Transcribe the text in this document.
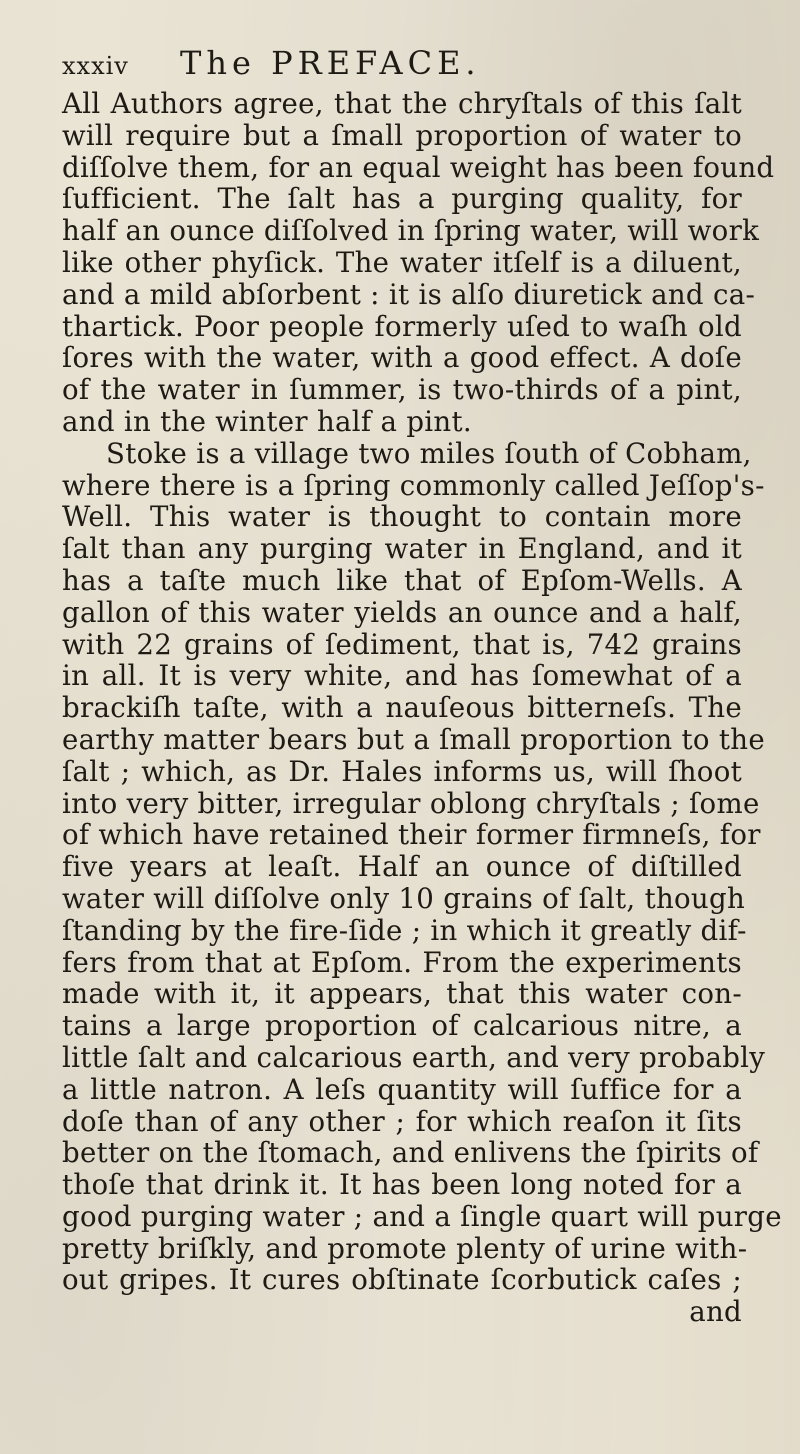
xxxiv	The PREFACE.
All Authors agree, that the chryſtals of this ſalt
will require but a ſmall proportion of water to
diſſolve them, for an equal weight has been found
ſufficient. The ſalt has a purging quality, for
half an ounce diſſolved in ſpring water, will work
like other phyſick. The water itſelf is a diluent,
and a mild abſorbent : it is alſo diuretick and ca-
thartick. Poor people formerly uſed to waſh old
ſores with the water, with a good effect. A doſe
of the water in ſummer, is two-thirds of a pint,
and in the winter half a pint.
Stoke is a village two miles ſouth of Cobham,
where there is a ſpring commonly called Jeſſop's-
Well. This water is thought to contain more
ſalt than any purging water in England, and it
has a taſte much like that of Epſom-Wells. A
gallon of this water yields an ounce and a half,
with 22 grains of ſediment, that is, 742 grains
in all. It is very white, and has ſomewhat of a
brackiſh taſte, with a nauſeous bitterneſs. The
earthy matter bears but a ſmall proportion to the
ſalt ; which, as Dr. Hales informs us, will ſhoot
into very bitter, irregular oblong chryſtals ; ſome
of which have retained their former firmneſs, for
five years at leaſt. Half an ounce of diſtilled
water will diſſolve only 10 grains of ſalt, though
ſtanding by the fire-ſide ; in which it greatly dif-
fers from that at Epſom. From the experiments
made with it, it appears, that this water con-
tains a large proportion of calcarious nitre, a
little ſalt and calcarious earth, and very probably
a little natron. A leſs quantity will ſuffice for a
doſe than of any other ; for which reaſon it ſits
better on the ſtomach, and enlivens the ſpirits of
thoſe that drink it. It has been long noted for a
good purging water ; and a ſingle quart will purge
pretty briſkly, and promote plenty of urine with-
out gripes. It cures obſtinate ſcorbutick caſes ;
and
